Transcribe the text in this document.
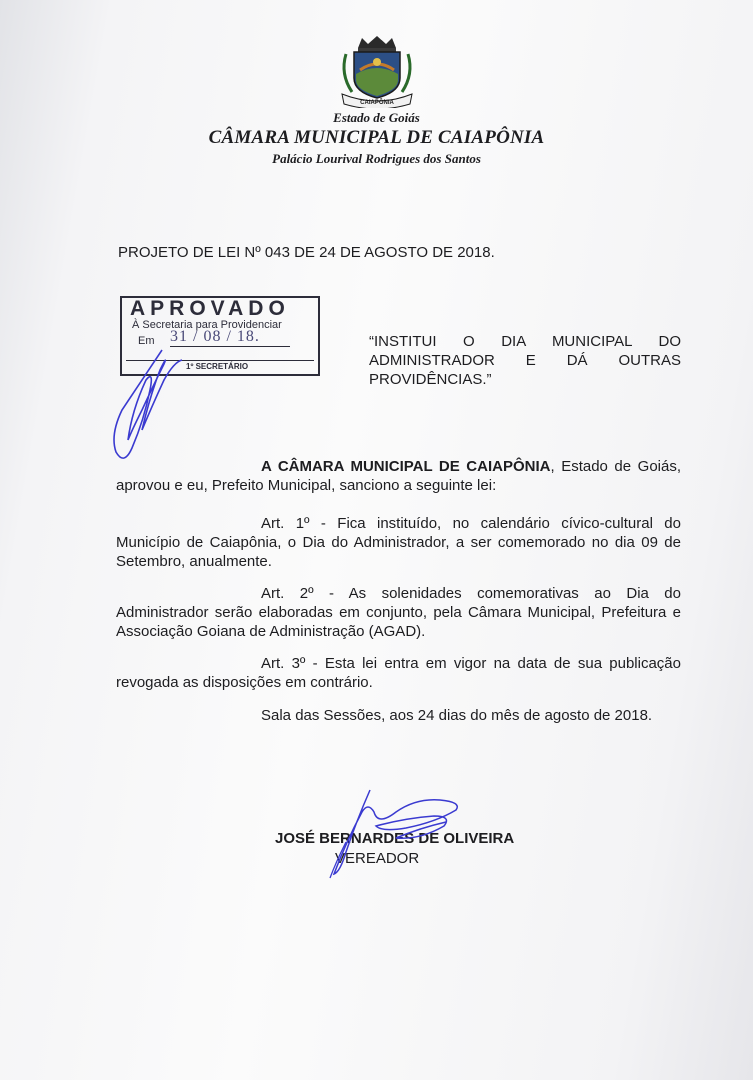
CAIAPÔNIA
Estado de Goiás
CÂMARA MUNICIPAL DE CAIAPÔNIA
Palácio Lourival Rodrigues dos Santos
PROJETO DE LEI Nº 043 DE 24 DE AGOSTO DE 2018.
APROVADO
À Secretaria para Providenciar
Em 31 / 08 / 18.
1º SECRETÁRIO
“INSTITUI O DIA MUNICIPAL DO
ADMINISTRADOR E DÁ OUTRAS
PROVIDÊNCIAS.”
A CÂMARA MUNICIPAL DE CAIAPÔNIA, Estado de Goiás, aprovou e eu, Prefeito Municipal, sanciono a seguinte lei:
Art. 1º - Fica instituído, no calendário cívico-cultural do Município de Caiapônia, o Dia do Administrador, a ser comemorado no dia 09 de Setembro, anualmente.
Art. 2º - As solenidades comemorativas ao Dia do Administrador serão elaboradas em conjunto, pela Câmara Municipal, Prefeitura e Associação Goiana de Administração (AGAD).
Art. 3º - Esta lei entra em vigor na data de sua publicação revogada as disposições em contrário.
Sala das Sessões, aos 24 dias do mês de agosto de 2018.
JOSÉ BERNARDES DE OLIVEIRA
VEREADOR
